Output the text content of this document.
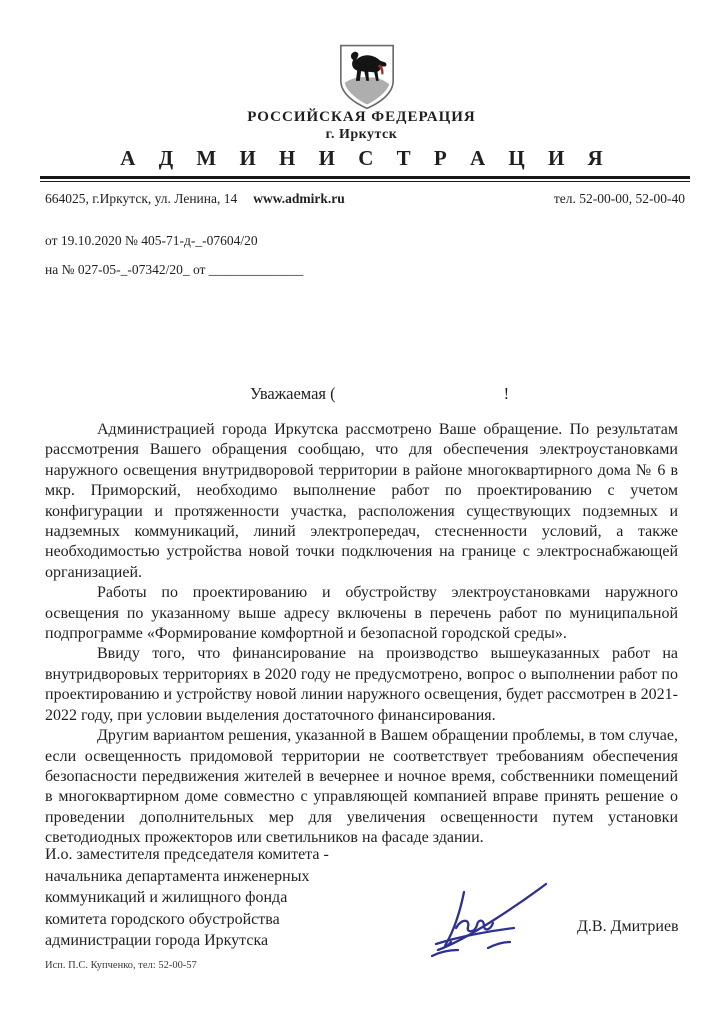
РОССИЙСКАЯ ФЕДЕРАЦИЯ
г. Иркутск
А Д М И Н И С Т Р А Ц И Я
664025, г.Иркутск, ул. Ленина, 14 www.admirk.ru	тел. 52-00-00, 52-00-40
от 19.10.2020 № 405-71-д-_-07604/20
на № 027-05-_-07342/20_ от ______________
Уважаемая (	!

Администрацией города Иркутска рассмотрено Ваше обращение. По результатам рассмотрения Вашего обращения сообщаю, что для обеспечения электроустановками наружного освещения внутридворовой территории в районе многоквартирного дома № 6 в мкр. Приморский, необходимо выполнение работ по проектированию с учетом конфигурации и протяженности участка, расположения существующих подземных и надземных коммуникаций, линий электропередач, стесненности условий, а также необходимостью устройства новой точки подключения на границе с электроснабжающей организацией.

Работы по проектированию и обустройству электроустановками наружного освещения по указанному выше адресу включены в перечень работ по муниципальной подпрограмме «Формирование комфортной и безопасной городской среды».

Ввиду того, что финансирование на производство вышеуказанных работ на внутридворовых территориях в 2020 году не предусмотрено, вопрос о выполнении работ по проектированию и устройству новой линии наружного освещения, будет рассмотрен в 2021-2022 году, при условии выделения достаточного финансирования.

Другим вариантом решения, указанной в Вашем обращении проблемы, в том случае, если освещенность придомовой территории не соответствует требованиям обеспечения безопасности передвижения жителей в вечернее и ночное время, собственники помещений в многоквартирном доме совместно с управляющей компанией вправе принять решение о проведении дополнительных мер для увеличения освещенности путем установки светодиодных прожекторов или светильников на фасаде здании.

И.о. заместителя председателя комитета -
начальника департамента инженерных
коммуникаций и жилищного фонда
комитета городского обустройства
администрации города Иркутска
Д.В. Дмитриев
Исп. П.С. Купченко, тел: 52-00-57
